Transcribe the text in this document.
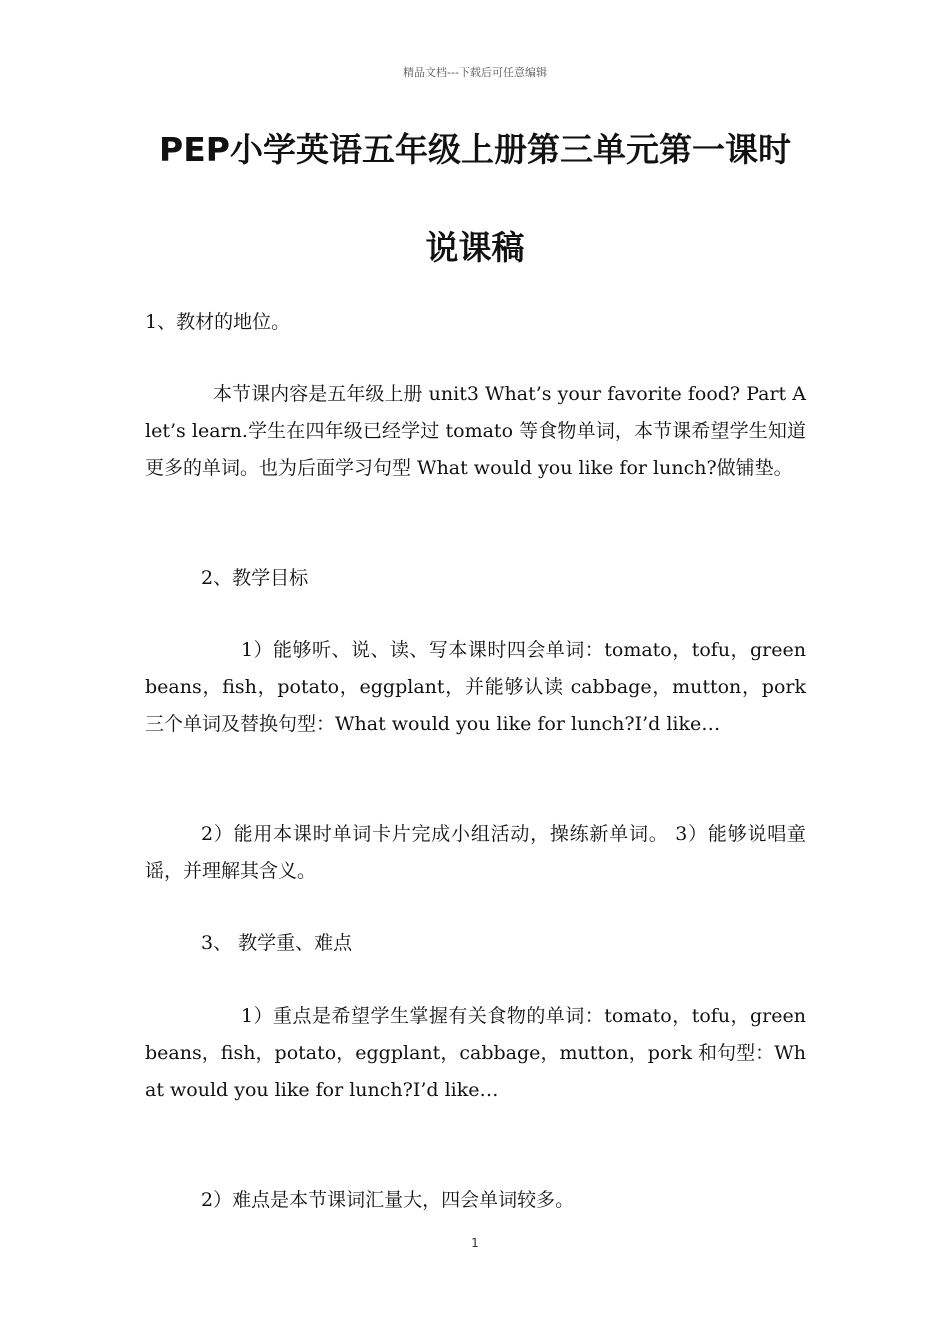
精品文档---下载后可任意编辑
PEP小学英语五年级上册第三单元第一课时
说课稿

1、教材的地位。

本节课内容是五年级上册 unit3 What’s your favorite food? Part A let’s learn.学生在四年级已经学过 tomato 等食物单词，本节课希望学生知道更多的单词。也为后面学习句型 What would you like for lunch?做铺垫。

2、教学目标

1）能够听、说、读、写本课时四会单词：tomato，tofu，green beans，fish，potato，eggplant，并能够认读 cabbage，mutton，pork 三个单词及替换句型：What would you like for lunch?I’d like…

2）能用本课时单词卡片完成小组活动，操练新单词。 3）能够说唱童谣，并理解其含义。

3、 教学重、难点

1）重点是希望学生掌握有关食物的单词：tomato，tofu，green beans，fish，potato，eggplant，cabbage，mutton，pork 和句型：What would you like for lunch?I’d like…

2）难点是本节课词汇量大，四会单词较多。

1
